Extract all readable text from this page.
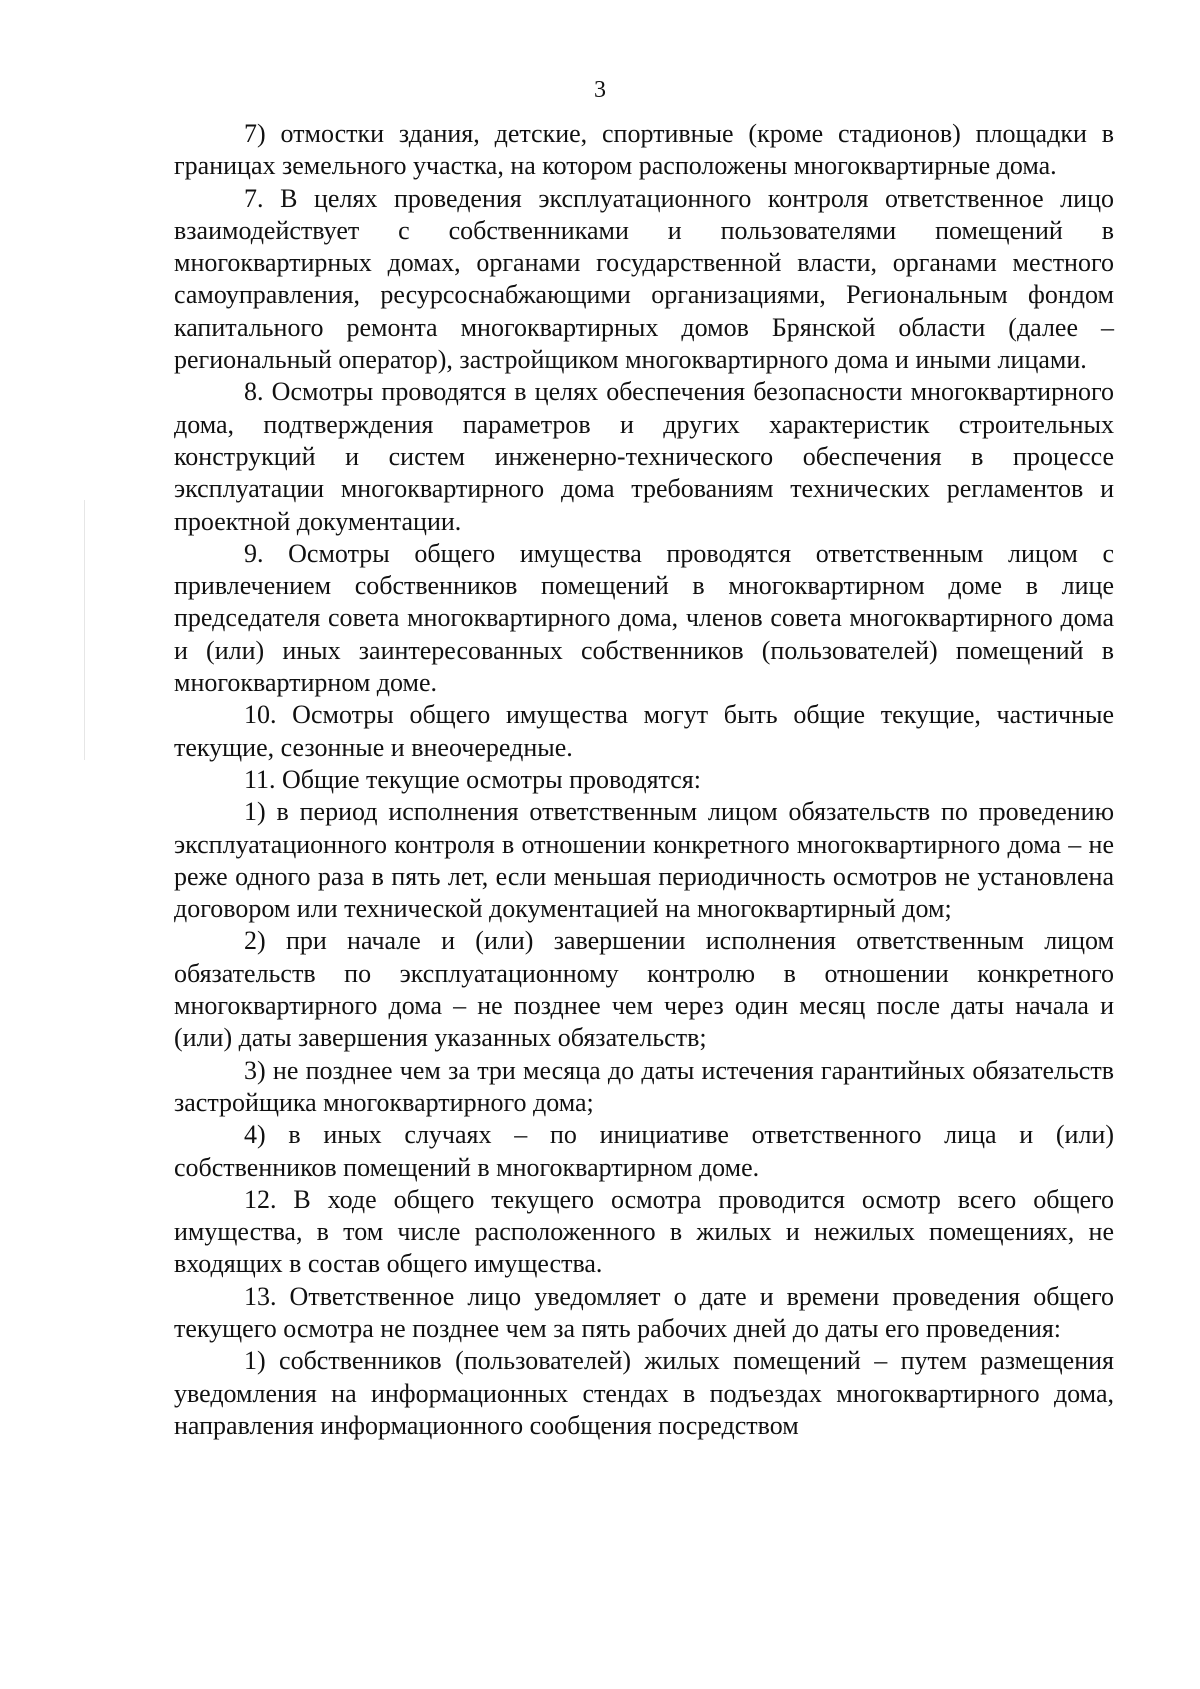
3

7) отмостки здания, детские, спортивные (кроме стадионов) площадки в границах земельного участка, на котором расположены многоквартирные дома.

7. В целях проведения эксплуатационного контроля ответственное лицо взаимодействует с собственниками и пользователями помещений в многоквартирных домах, органами государственной власти, органами местного самоуправления, ресурсоснабжающими организациями, Региональным фондом капитального ремонта многоквартирных домов Брянской области (далее – региональный оператор), застройщиком многоквартирного дома и иными лицами.

8. Осмотры проводятся в целях обеспечения безопасности многоквартирного дома, подтверждения параметров и других характеристик строительных конструкций и систем инженерно-технического обеспечения в процессе эксплуатации многоквартирного дома требованиям технических регламентов и проектной документации.

9. Осмотры общего имущества проводятся ответственным лицом с привлечением собственников помещений в многоквартирном доме в лице председателя совета многоквартирного дома, членов совета многоквартирного дома и (или) иных заинтересованных собственников (пользователей) помещений в многоквартирном доме.

10. Осмотры общего имущества могут быть общие текущие, частичные текущие, сезонные и внеочередные.

11. Общие текущие осмотры проводятся:

1) в период исполнения ответственным лицом обязательств по проведению эксплуатационного контроля в отношении конкретного многоквартирного дома – не реже одного раза в пять лет, если меньшая периодичность осмотров не установлена договором или технической документацией на многоквартирный дом;

2) при начале и (или) завершении исполнения ответственным лицом обязательств по эксплуатационному контролю в отношении конкретного многоквартирного дома – не позднее чем через один месяц после даты начала и (или) даты завершения указанных обязательств;

3) не позднее чем за три месяца до даты истечения гарантийных обязательств застройщика многоквартирного дома;

4) в иных случаях – по инициативе ответственного лица и (или) собственников помещений в многоквартирном доме.

12. В ходе общего текущего осмотра проводится осмотр всего общего имущества, в том числе расположенного в жилых и нежилых помещениях, не входящих в состав общего имущества.

13. Ответственное лицо уведомляет о дате и времени проведения общего текущего осмотра не позднее чем за пять рабочих дней до даты его проведения:

1) собственников (пользователей) жилых помещений – путем размещения уведомления на информационных стендах в подъездах многоквартирного дома, направления информационного сообщения посредством
